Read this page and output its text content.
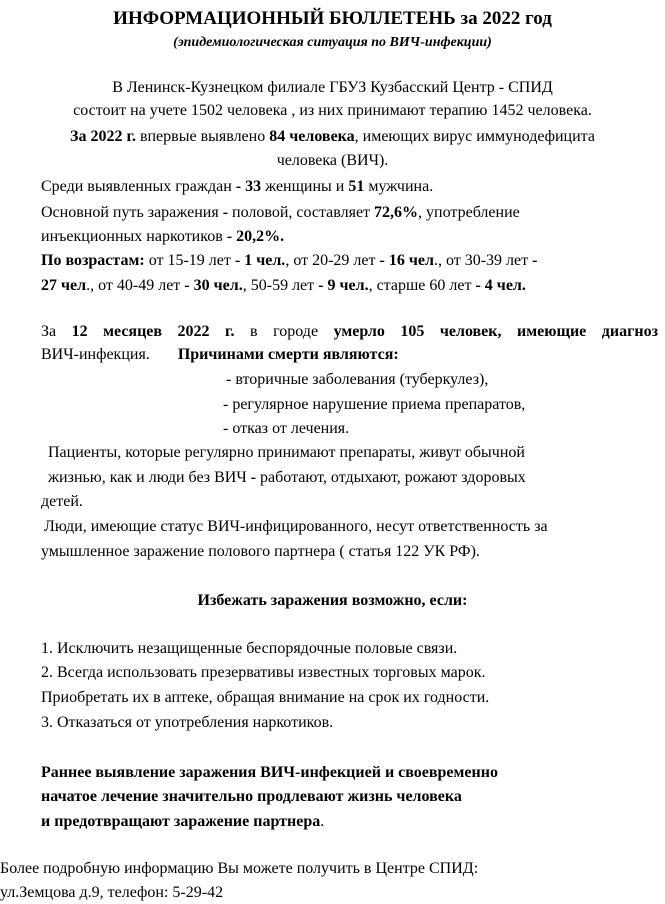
ИНФОРМАЦИОННЫЙ БЮЛЛЕТЕНЬ за 2022 год
(эпидемиологическая ситуация по ВИЧ-инфекции)
В Ленинск-Кузнецком филиале ГБУЗ Кузбасский Центр - СПИД
состоит на учете 1502 человека , из них принимают терапию 1452 человека.
За 2022 г. впервые выявлено 84 человека, имеющих вирус иммунодефицита
человека (ВИЧ).
Среди выявленных граждан - 33 женщины и 51 мужчина.
Основной путь заражения - половой, составляет 72,6%, употребление
инъекционных наркотиков - 20,2%.
По возрастам: от 15-19 лет - 1 чел., от 20-29 лет - 16 чел., от 30-39 лет -
27 чел., от 40-49 лет - 30 чел., 50-59 лет - 9 чел., старше 60 лет - 4 чел.
За 12 месяцев 2022 г. в городе умерло 105 человек, имеющие диагноз
ВИЧ-инфекция. Причинами смерти являются:
- вторичные заболевания (туберкулез),
- регулярное нарушение приема препаратов,
- отказ от лечения.
Пациенты, которые регулярно принимают препараты, живут обычной
жизнью, как и люди без ВИЧ - работают, отдыхают, рожают здоровых
детей.
Люди, имеющие статус ВИЧ-инфицированного, несут ответственность за
умышленное заражение полового партнера ( статья 122 УК РФ).
Избежать заражения возможно, если:
1. Исключить незащищенные беспорядочные половые связи.
2. Всегда использовать презервативы известных торговых марок.
Приобретать их в аптеке, обращая внимание на срок их годности.
3. Отказаться от употребления наркотиков.
Раннее выявление заражения ВИЧ-инфекцией и своевременно
начатое лечение значительно продлевают жизнь человека
и предотвращают заражение партнера.
Более подробную информацию Вы можете получить в Центре СПИД:
ул.Земцова д.9, телефон: 5-29-42
